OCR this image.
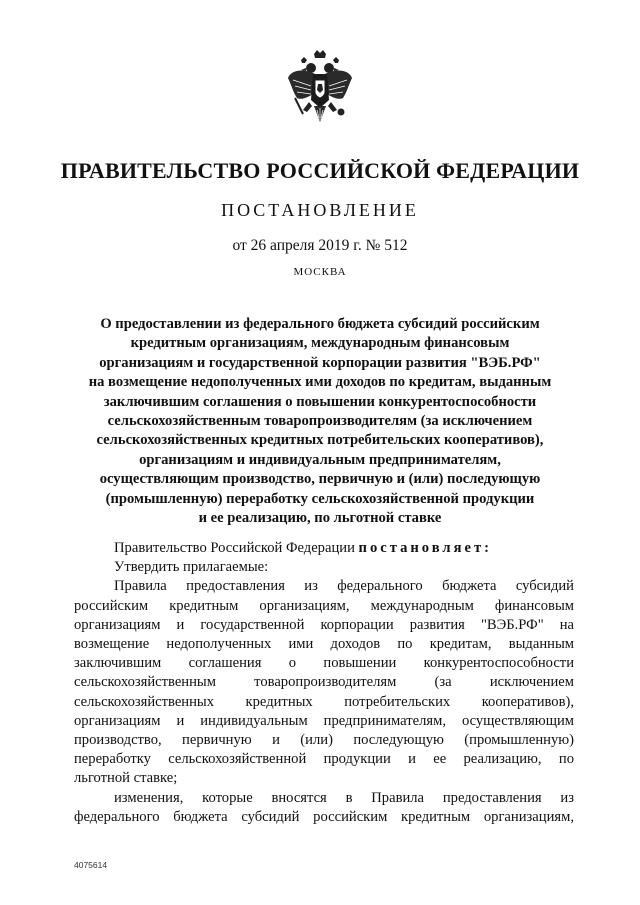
ПРАВИТЕЛЬСТВО РОССИЙСКОЙ ФЕДЕРАЦИИ
ПОСТАНОВЛЕНИЕ
от 26 апреля 2019 г. № 512
МОСКВА
О предоставлении из федерального бюджета субсидий российским
кредитным организациям, международным финансовым
организациям и государственной корпорации развития "ВЭБ.РФ"
на возмещение недополученных ими доходов по кредитам, выданным
заключившим соглашения о повышении конкурентоспособности
сельскохозяйственным товаропроизводителям (за исключением
сельскохозяйственных кредитных потребительских кооперативов),
организациям и индивидуальным предпринимателям,
осуществляющим производство, первичную и (или) последующую
(промышленную) переработку сельскохозяйственной продукции
и ее реализацию, по льготной ставке

Правительство Российской Федерации постановляет:

Утвердить прилагаемые:

Правила предоставления из федерального бюджета субсидий

российским кредитным организациям, международным финансовым

организациям и государственной корпорации развития "ВЭБ.РФ" на

возмещение недополученных ими доходов по кредитам, выданным

заключившим соглашения о повышении конкурентоспособности

сельскохозяйственным товаропроизводителям (за исключением

сельскохозяйственных кредитных потребительских кооперативов),

организациям и индивидуальным предпринимателям, осуществляющим

производство, первичную и (или) последующую (промышленную)

переработку сельскохозяйственной продукции и ее реализацию, по

льготной ставке;

изменения, которые вносятся в Правила предоставления из

федерального бюджета субсидий российским кредитным организациям,

4075614
